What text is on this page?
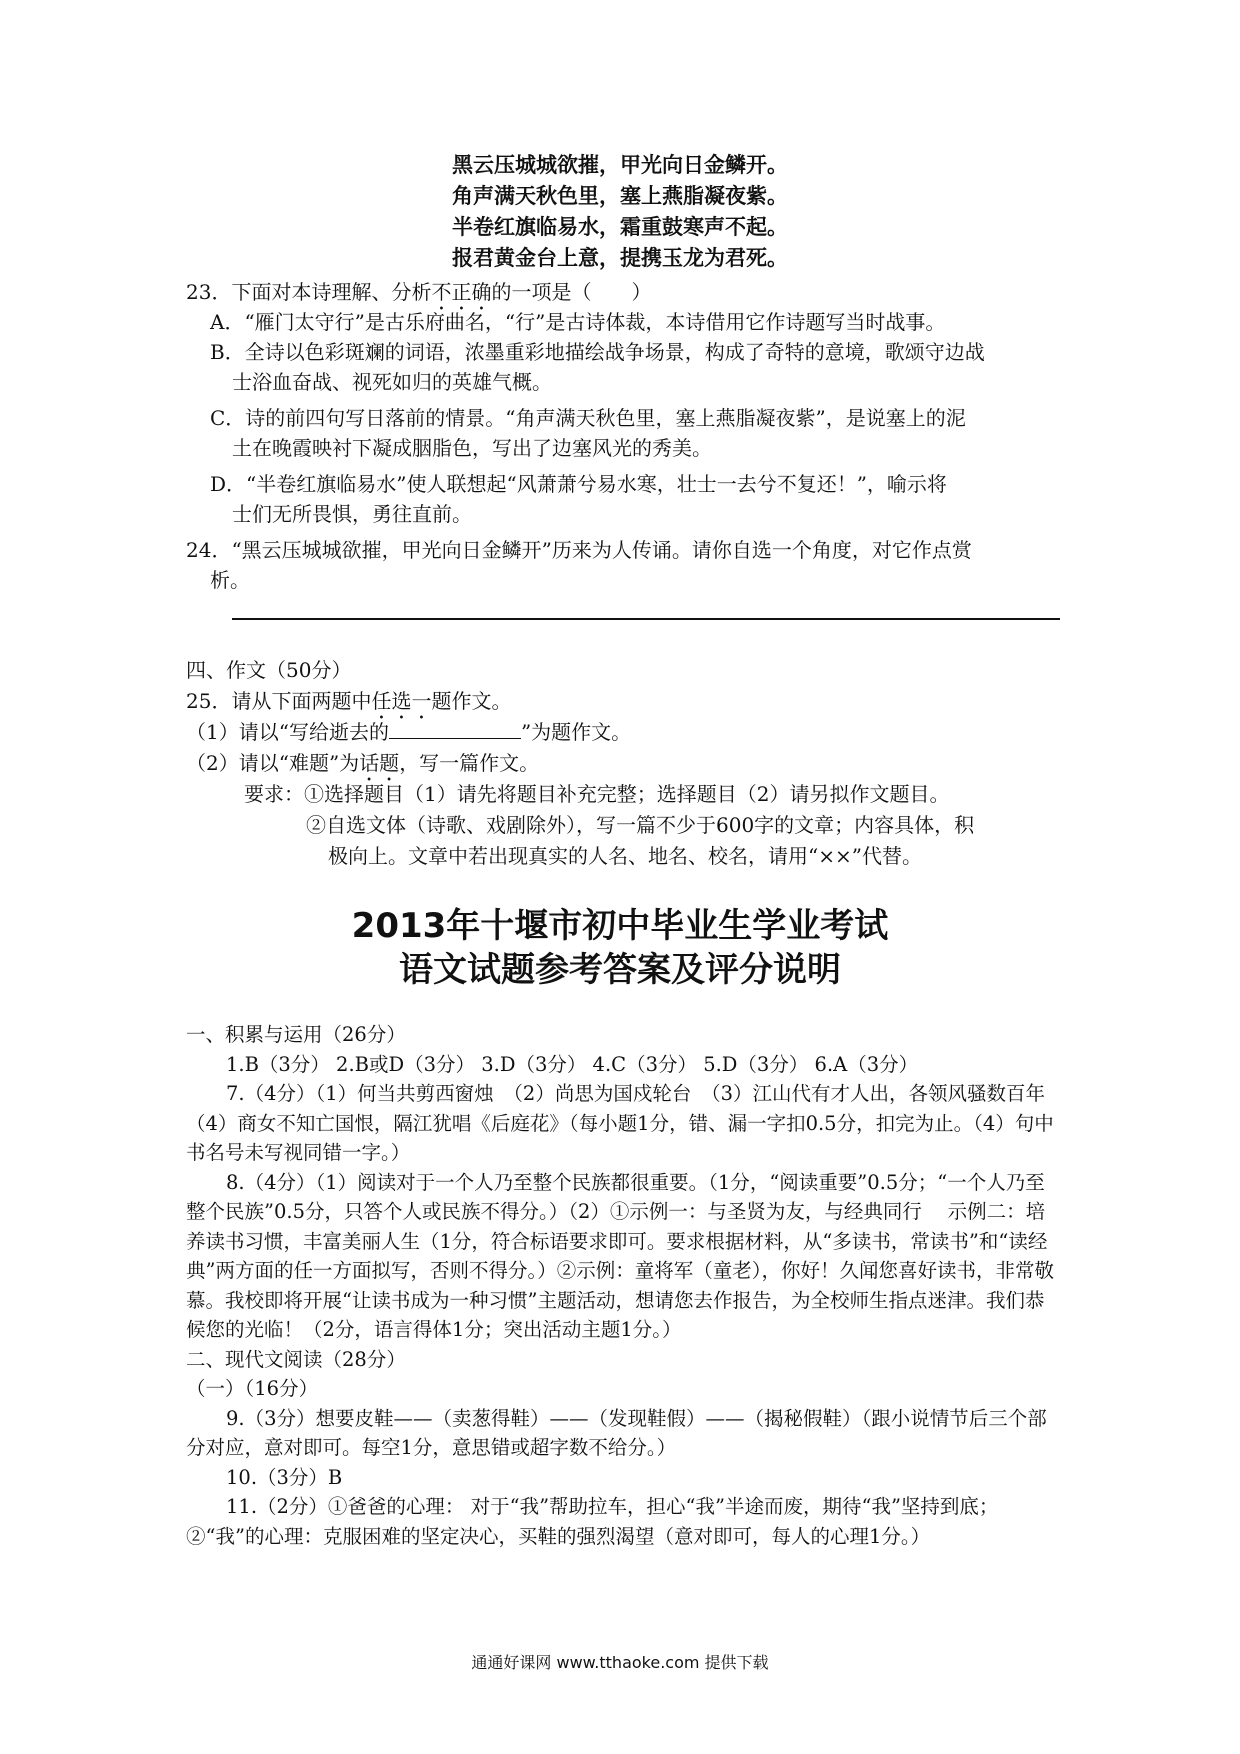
黑云压城城欲摧，甲光向日金鳞开。
角声满天秋色里，塞上燕脂凝夜紫。
半卷红旗临易水，霜重鼓寒声不起。
报君黄金台上意，提携玉龙为君死。
23．下面对本诗理解、分析不正确的一项是（　　）
A．“雁门太守行”是古乐府曲名，“行”是古诗体裁，本诗借用它作诗题写当时战事。
B．全诗以色彩斑斓的词语，浓墨重彩地描绘战争场景，构成了奇特的意境，歌颂守边战
士浴血奋战、视死如归的英雄气概。
C．诗的前四句写日落前的情景。“角声满天秋色里，塞上燕脂凝夜紫”，是说塞上的泥
土在晚霞映衬下凝成胭脂色，写出了边塞风光的秀美。
D．“半卷红旗临易水”使人联想起“风萧萧兮易水寒，壮士一去兮不复还！”，喻示将
士们无所畏惧，勇往直前。
24．“黑云压城城欲摧，甲光向日金鳞开”历来为人传诵。请你自选一个角度，对它作点赏
析。
四、作文（50分）
25．请从下面两题中任选一题作文。
（1）请以“写给逝去的	”为题作文。
（2）请以“难题”为话题，写一篇作文。
要求：①选择题目（1）请先将题目补充完整；选择题目（2）请另拟作文题目。
②自选文体（诗歌、戏剧除外），写一篇不少于600字的文章；内容具体，积
极向上。文章中若出现真实的人名、地名、校名，请用“××”代替。
2013年十堰市初中毕业生学业考试
语文试题参考答案及评分说明

一、积累与运用（26分）

1.B（3分） 2.B或D（3分） 3.D（3分） 4.C（3分） 5.D（3分） 6.A（3分）

7.（4分）（1）何当共剪西窗烛　（2）尚思为国戍轮台　（3）江山代有才人出，各领风骚数百年　（4）商女不知亡国恨，隔江犹唱《后庭花》（每小题1分，错、漏一字扣0.5分，扣完为止。（4）句中书名号未写视同错一字。）

8.（4分）（1）阅读对于一个人乃至整个民族都很重要。（1分，“阅读重要”0.5分；“一个人乃至整个民族”0.5分，只答个人或民族不得分。）（2）①示例一：与圣贤为友，与经典同行　 示例二：培养读书习惯，丰富美丽人生（1分，符合标语要求即可。要求根据材料，从“多读书，常读书”和“读经典”两方面的任一方面拟写，否则不得分。）②示例：童将军（童老），你好！久闻您喜好读书，非常敬慕。我校即将开展“让读书成为一种习惯”主题活动，想请您去作报告，为全校师生指点迷津。我们恭候您的光临！（2分，语言得体1分；突出活动主题1分。）

二、现代文阅读（28分）

（一）（16分）

9.（3分）想要皮鞋——（卖葱得鞋）——（发现鞋假）——（揭秘假鞋）（跟小说情节后三个部分对应，意对即可。每空1分，意思错或超字数不给分。）

10.（3分）B

11.（2分）①爸爸的心理： 对于“我”帮助拉车，担心“我”半途而废，期待“我”坚持到底；②“我”的心理：克服困难的坚定决心，买鞋的强烈渴望（意对即可，每人的心理1分。）

通通好课网 www.tthaoke.com 提供下载
